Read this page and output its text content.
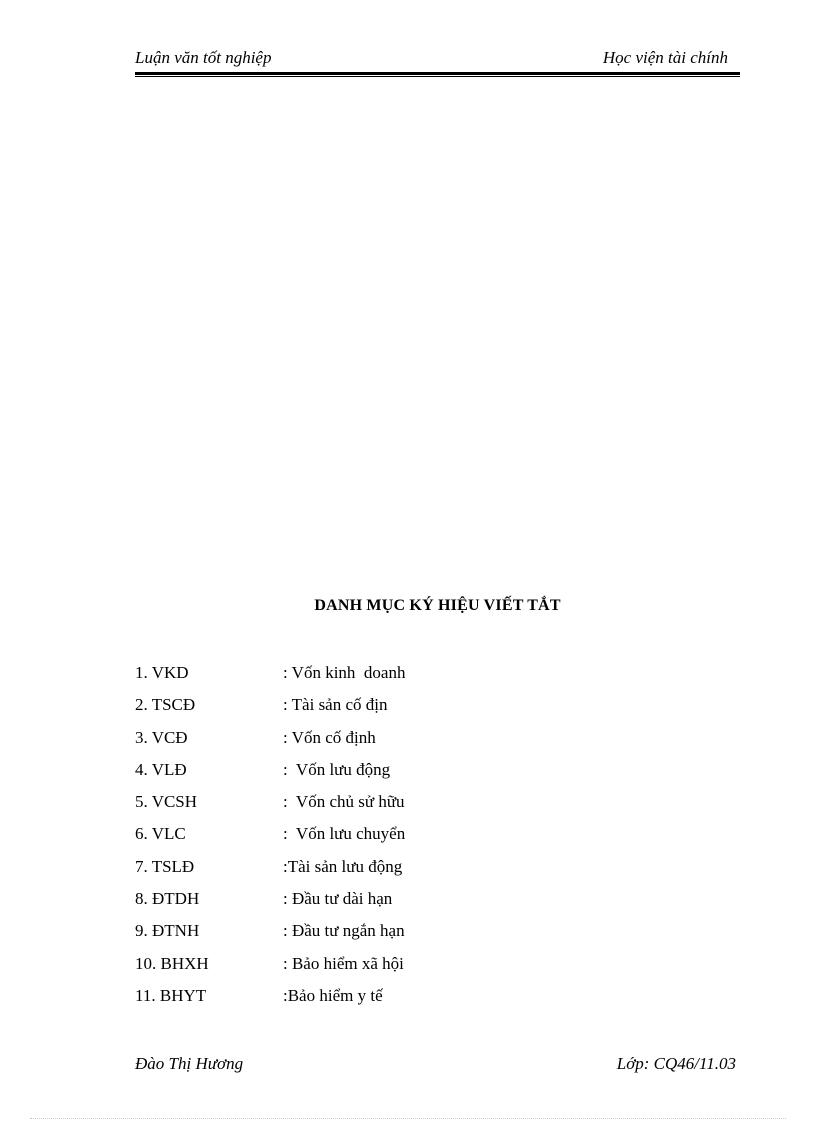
Luận văn tốt nghiệp	Học viện tài chính
DANH MỤC KÝ HIỆU VIẾT TẮT
1. VKD	: Vốn kinh  doanh
2. TSCĐ	: Tài sản cố địn
3. VCĐ	: Vốn cố định
4. VLĐ	:  Vốn lưu động
5. VCSH	:  Vốn chủ sử hữu
6. VLC	:  Vốn lưu chuyển
7. TSLĐ	:Tài sản lưu động
8. ĐTDH	: Đầu tư dài hạn
9. ĐTNH	: Đầu tư ngắn hạn
10. BHXH	: Bảo hiểm xã hội
11. BHYT	:Bảo hiểm y tế
Đào Thị Hương	Lớp: CQ46/11.03
